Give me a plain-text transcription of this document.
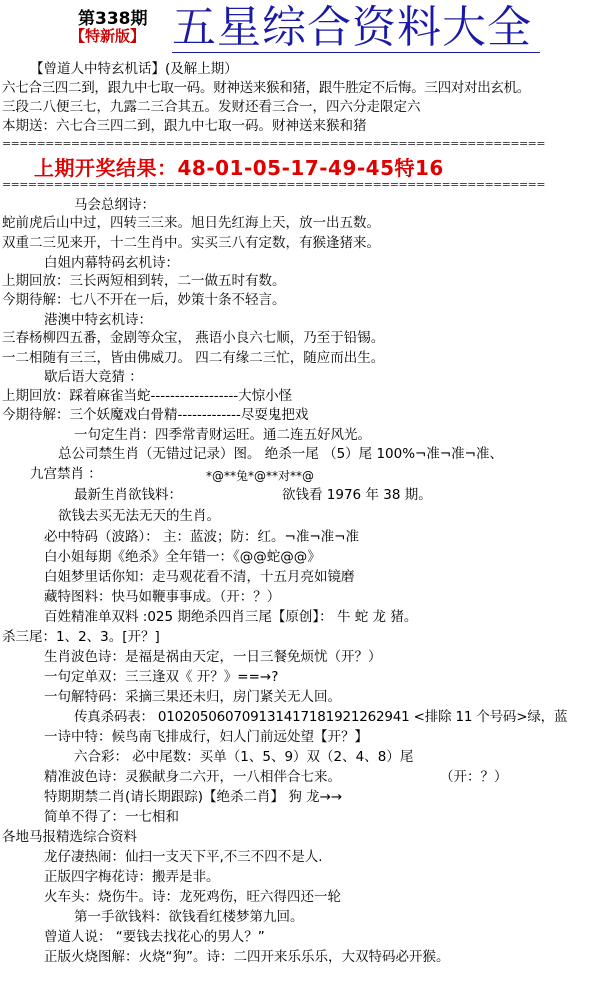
第338期
【特新版】 五星综合资料大全
【曾道人中特玄机话】(及解上期）
六七合三四二到，跟九中七取一码。财神送来猴和猪，跟牛胜定不后悔。三四对对出玄机。
三段二八便三七，九露二三合其五。发财还看三合一，四六分走限定六
本期送：六七合三四二到，跟九中七取一码。财神送来猴和猪
===============================================================
上期开奖结果：48-01-05-17-49-45特16
===============================================================
马会总纲诗：
蛇前虎后山中过，四转三三来。旭日先红海上天，放一出五数。
双重二三见来开，十二生肖中。实买三八有定数，有猴逢猪来。
白姐内幕特码玄机诗：
上期回放：三长两短相到转，二一做五时有数。
今期待解：七八不开在一后，妙策十条不轻言。
港澳中特玄机诗：
三春杨柳四五番，金剧等众宝， 燕语小良六七顺，乃至于铅锡。
一二相随有三三，皆由佛威刀。 四二有缘二三忙，随应而出生。
歇后语大竞猜 ：
上期回放：踩着麻雀当蛇------------------大惊小怪
今期待解：三个妖魔戏白骨精-------------尽耍鬼把戏
一句定生肖：四季常青财运旺。通二连五好风光。
总公司禁生肖（无错过记录）图。 绝杀一尾 （5）尾 100%¬准¬准¬准、
九宫禁肖 ：	*@**兔*@**对**@
最新生肖欲钱料：	欲钱看 1976 年 38 期。
欲钱去买无法无天的生肖。
必中特码（波路）： 主：蓝波；防：红。¬准¬准¬准
白小姐每期《绝杀》全年错一：《@@蛇@@》
白姐梦里话你知：走马观花看不清，十五月亮如镜磨
藏特图料：快马如鞭事事成。（开：？）
百姓精准单双料 :025 期绝杀四肖三尾【原创】： 牛 蛇 龙 猪。
杀三尾：1、2、3。[开？]
生肖波色诗：是福是祸由天定，一日三餐免烦忧（开？）
一句定单双：三三逢双《 开？》==→?
一句解特码：采摘三果还未归，房门紧关无人回。
传真杀码表： 010205060709131417181921262941 <排除 11 个号码>绿，蓝
一诗中特：候鸟南飞排成行，妇人门前远处望【开？】
六合彩： 必中尾数：买单（1、5、9）双（2、4、8）尾
精准波色诗：灵猴献身二六开，一八相伴合七来。	（开：？）
特期期禁二肖(请长期跟踪)【绝杀二肖】 狗 龙→→
简单不得了：一七相和
各地马报精选综合资料
龙仔凄热闹：仙扫一支天下平,不三不四不是人.
正版四字梅花诗：搬弄是非。
火车头：烧伤牛。诗：龙死鸡伤，旺六得四还一轮
第一手欲钱料：欲钱看红楼梦第九回。
曾道人说： “要钱去找花心的男人？”
正版火烧图解：火烧“狗”。诗：二四开来乐乐乐，大双特码必开猴。
